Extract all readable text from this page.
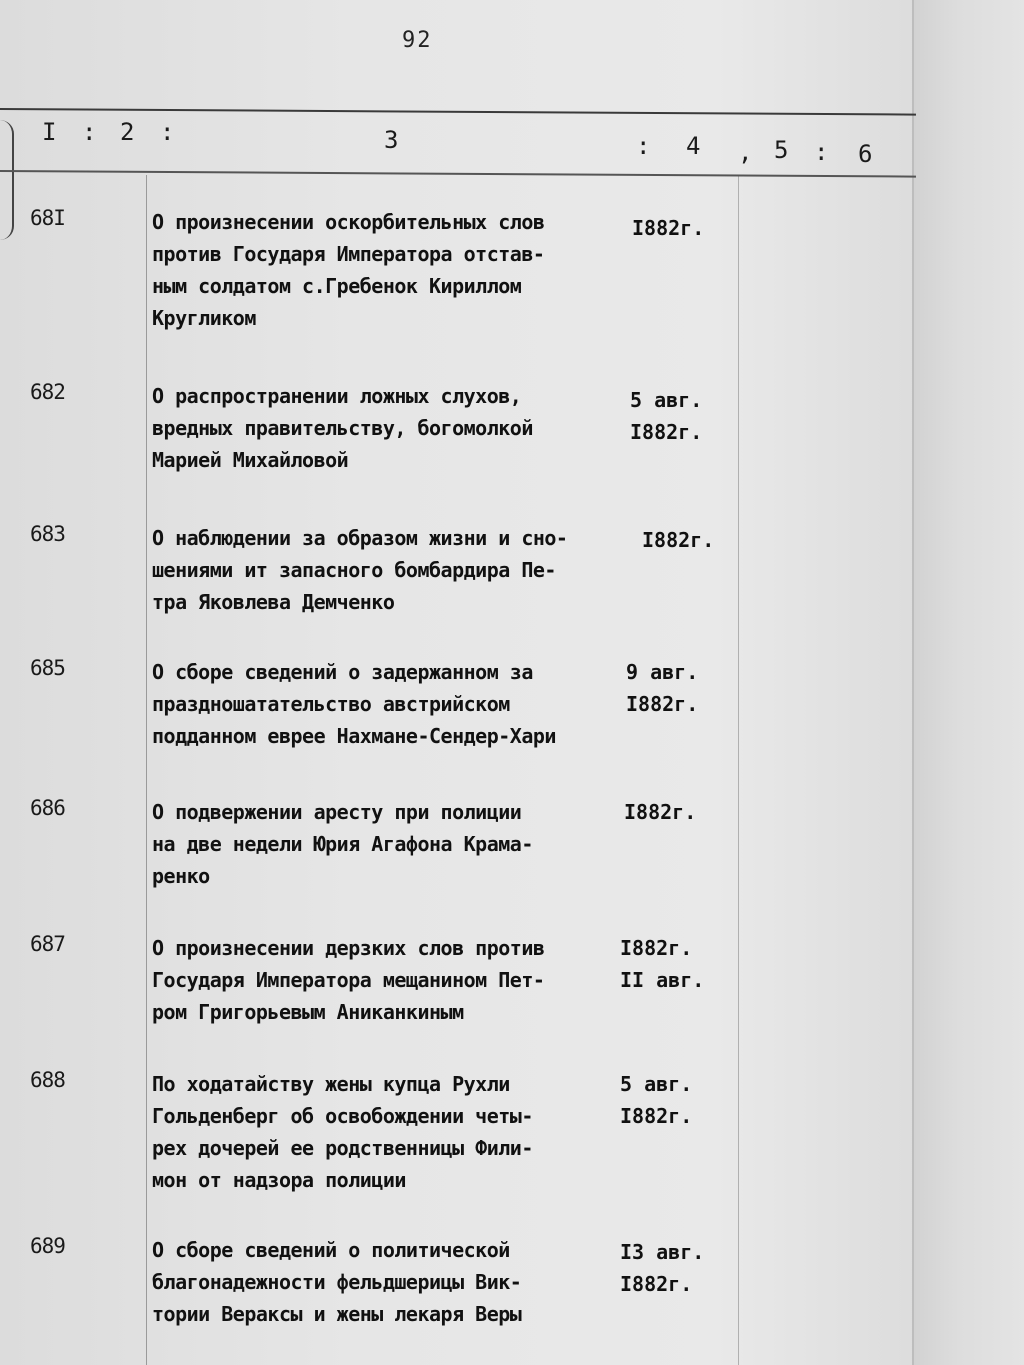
92
I : 2 :	3	: 4 , 5 : 6
68I	О произнесении оскорбительных слов
против Государя Императора отстав-
ным солдатом с.Гребенок Кириллом
Кругликом
I882г.
682	О распространении ложных слухов,
вредных правительству, богомолкой
Марией Михайловой
5 авг.
I882г.
683	О наблюдении за образом жизни и сно-
шениями ит запасного бомбардира Пе-
тра Яковлева Демченко
I882г.
685	О сборе сведений о задержанном за
праздношатательство австрийском
подданном еврее Нахмане-Сендер-Хари
9 авг.
I882г.
686	О подвержении аресту при полиции
на две недели Юрия Агафона Крама-
ренко
I882г.
687	О произнесении дерзких слов против
Государя Императора мещанином Пет-
ром Григорьевым Аниканкиным
I882г.
II авг.
688	По ходатайству жены купца Рухли
Гольденберг об освобождении четы-
рех дочерей ее родственницы Фили-
мон от надзора полиции
5 авг.
I882г.
689	О сборе сведений о политической
благонадежности фельдшерицы Вик-
тории Вераксы и жены лекаря Веры
I3 авг.
I882г.
